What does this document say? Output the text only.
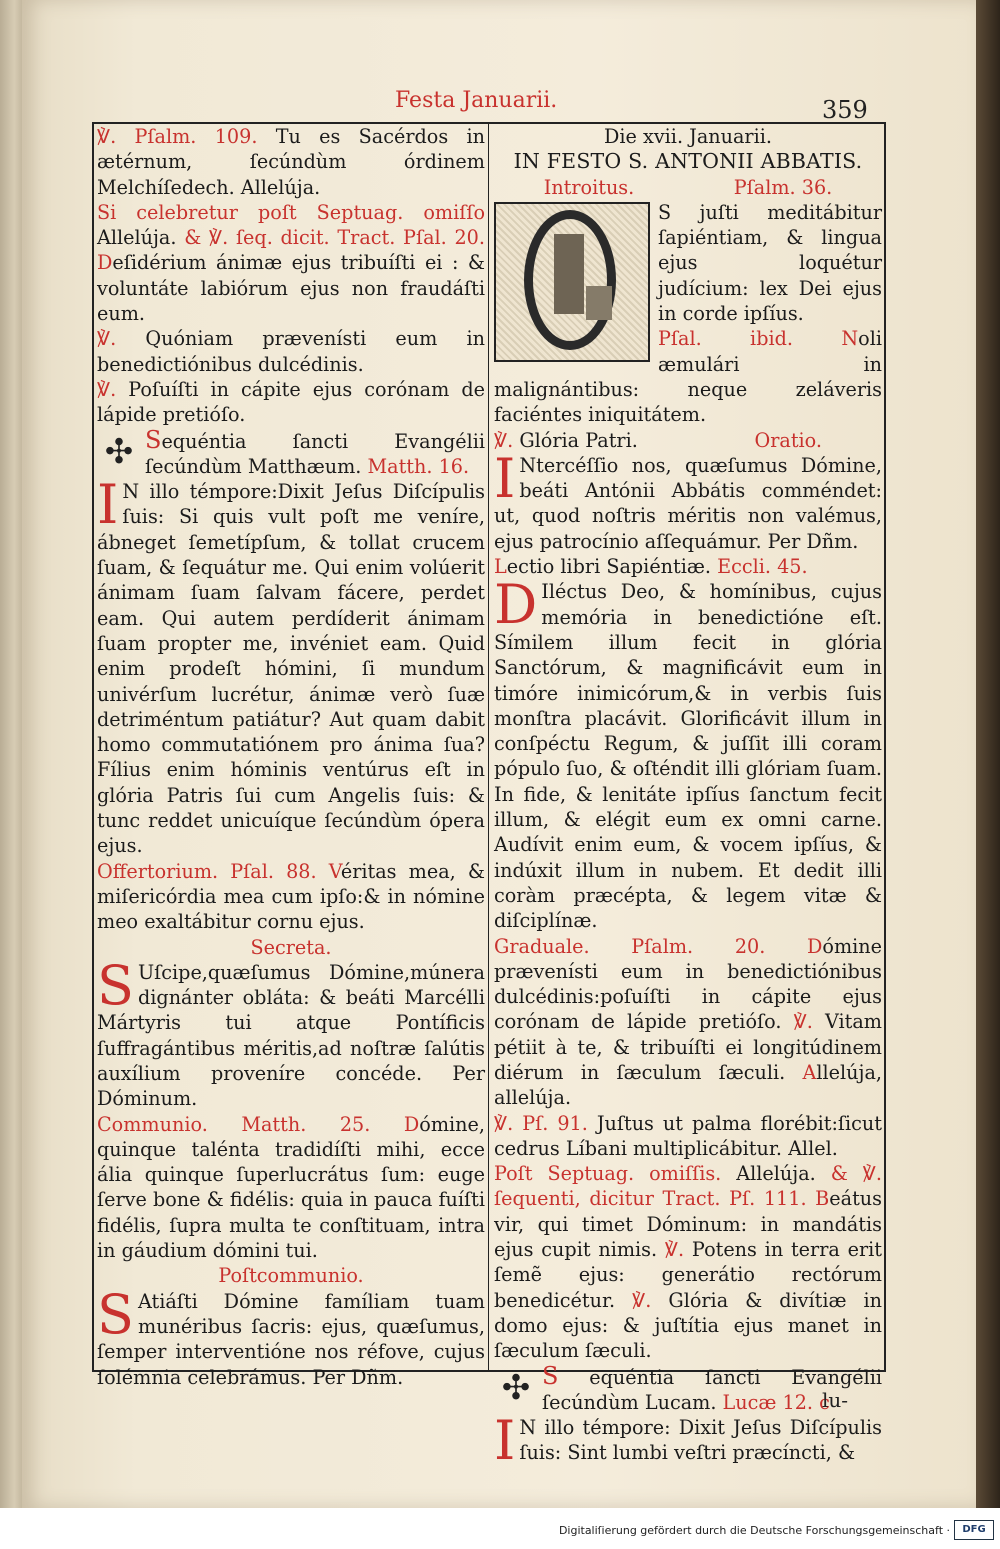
Festa Januarii.	359

℣. Pſalm. 109. Tu es Sacérdos in ætérnum, ſecúndùm órdinem Melchíſedech. Allelúja.

Si celebretur poſt Septuag. omiſſo Allelúja. & ℣. ſeq. dicit. Tract. Pſal. 20. Deſidérium ánimæ ejus tribuíſti ei : & voluntáte labiórum ejus non fraudáſti eum.

℣. Quóniam prævenísti eum in benedictiónibus dulcédinis.

℣. Poſuíſti in cápite ejus corónam de lápide pretióſo.

✣ Sequéntia ſancti Evangélii ſecúndùm Matthæum. Matth. 16.

I N illo témpore:Dixit Jeſus Diſcípulis ſuis: Si quis vult poſt me veníre, ábneget ſemetípſum, & tollat crucem ſuam, & ſequátur me. Qui enim volúerit ánimam ſuam ſalvam fácere, perdet eam. Qui autem perdíderit ánimam ſuam propter me, invéniet eam. Quid enim prodeſt hómini, ſi mundum univérſum lucrétur, ánimæ verò ſuæ detriméntum patiátur? Aut quam dabit homo commutatiónem pro ánima ſua? Fílius enim hóminis ventúrus eſt in glória Patris ſui cum Angelis ſuis: & tunc reddet unicuíque ſecúndùm ópera ejus.

Offertorium. Pſal. 88. Véritas mea, & miſericórdia mea cum ipſo:& in nómine meo exaltábitur cornu ejus.

Secreta.

S Uſcipe,quæſumus Dómine,múnera dignánter obláta: & beáti Marcélli Mártyris tui atque Pontíficis ſuffragántibus méritis,ad noſtræ ſalútis auxílium proveníre concéde. Per Dóminum.

Communio. Matth. 25. Dómine, quinque talénta tradidíſti mihi, ecce ália quinque ſuperlucrátus ſum: euge ſerve bone & fidélis: quia in pauca fuíſti fidélis, ſupra multa te conſtituam, intra in gáudium dómini tui.

Poſtcommunio.

S Atiáſti Dómine famíliam tuam munéribus ſacris: ejus, quæſumus, ſemper interventióne nos réfove, cujus ſolémnia celebrámus. Per Dñm.

Die xvii. Januarii.

IN FESTO S. ANTONII ABBATIS.

Introitus.	Pſalm. 36.

S juſti meditábitur ſapiéntiam, & lingua ejus loquétur judícium: lex Dei ejus in corde ipſíus.

Pſal. ibid. Noli æmulári in malignántibus: neque zeláveris faciéntes iniquitátem.

℣. Glória Patri.	Oratio.

I Ntercéſſio nos, quæſumus Dómine, beáti Antónii Abbátis comméndet: ut, quod noſtris méritis non valémus, ejus patrocínio aſſequámur. Per Dñm.

Lectio libri Sapiéntiæ. Eccli. 45.

D Iléctus Deo, & homínibus, cujus memória in benedictióne eſt. Símilem illum fecit in glória Sanctórum, & magnificávit eum in timóre inimicórum,& in verbis ſuis monſtra placávit. Glorificávit illum in conſpéctu Regum, & juſſit illi coram pópulo ſuo, & oſténdit illi glóriam ſuam. In fide, & lenitáte ipſíus ſanctum fecit illum, & elégit eum ex omni carne. Audívit enim eum, & vocem ipſíus, & indúxit illum in nubem. Et dedit illi coràm præcépta, & legem vitæ & diſciplínæ.

Graduale. Pſalm. 20. Dómine prævenísti eum in benedictiónibus dulcédinis:poſuíſti in cápite ejus corónam de lápide pretióſo. ℣. Vitam pétiit à te, & tribuíſti ei longitúdinem diérum in ſæculum ſæculi. Allelúja, allelúja.

℣. Pſ. 91. Juſtus ut palma florébit:ſicut cedrus Líbani multiplicábitur. Allel.

Poſt Septuag. omiſſis. Allelúja. & ℣. ſequenti, dicitur Tract. Pſ. 111. Beátus vir, qui timet Dóminum: in mandátis ejus cupit nimis. ℣. Potens in terra erit ſemẽ ejus: generátio rectórum benedicétur. ℣. Glória & divítiæ in domo ejus: & juſtítia ejus manet in ſæculum ſæculi.

✣ S equéntia ſancti Evangélii ſecúndùm Lucam. Lucæ 12. c

I N illo témpore: Dixit Jeſus Diſcípulis ſuis: Sint lumbi veſtri præcíncti, &

lu-
Digitaliſierung gefördert durch die Deutsche Forschungsgemeinschaft ·	DFG
